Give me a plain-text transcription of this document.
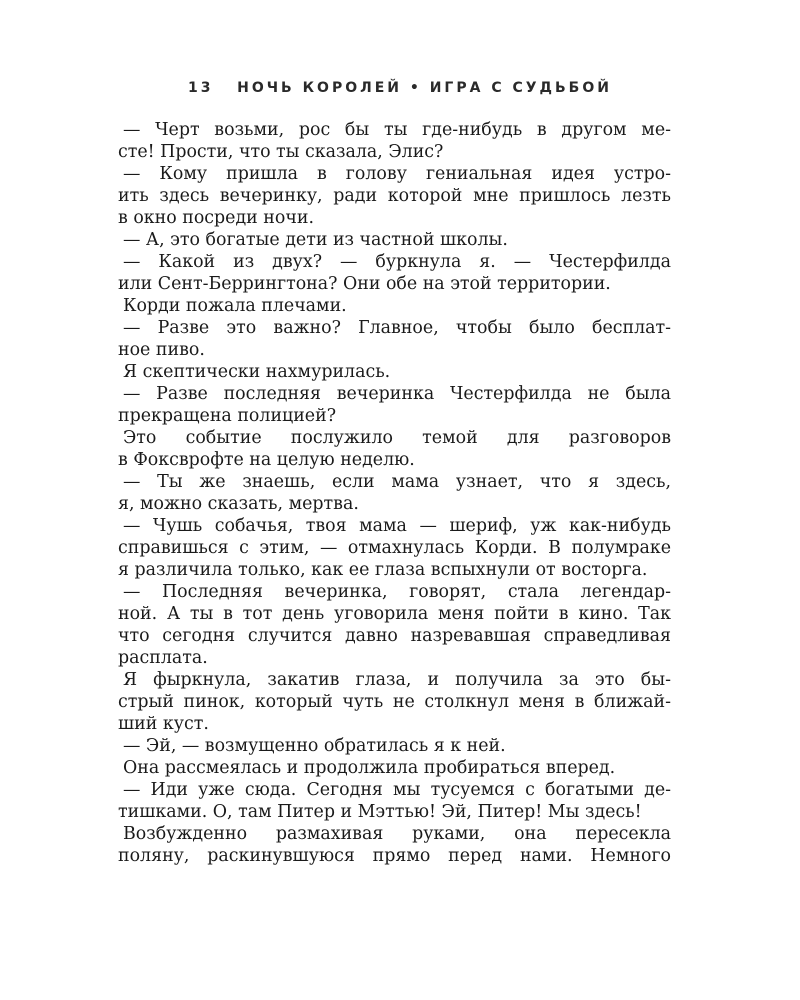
13 НОЧЬ КОРОЛЕЙ • ИГРА С СУДЬБОЙ
— Черт возьми, рос бы ты где-нибудь в другом ме-
сте! Прости, что ты сказала, Элис?
— Кому пришла в голову гениальная идея устро-
ить здесь вечеринку, ради которой мне пришлось лезть
в окно посреди ночи.
— А, это богатые дети из частной школы.
— Какой из двух? — буркнула я. — Честерфилда
или Сент-Беррингтона? Они обе на этой территории.
Корди пожала плечами.
— Разве это важно? Главное, чтобы было бесплат-
ное пиво.
Я скептически нахмурилась.
— Разве последняя вечеринка Честерфилда не была
прекращена полицией?
Это событие послужило темой для разговоров
в Фоксврофте на целую неделю.
— Ты же знаешь, если мама узнает, что я здесь,
я, можно сказать, мертва.
— Чушь собачья, твоя мама — шериф, уж как-нибудь
справишься с этим, — отмахнулась Корди. В полумраке
я различила только, как ее глаза вспыхнули от восторга.
— Последняя вечеринка, говорят, стала легендар-
ной. А ты в тот день уговорила меня пойти в кино. Так
что сегодня случится давно назревавшая справедливая
расплата.
Я фыркнула, закатив глаза, и получила за это бы-
стрый пинок, который чуть не столкнул меня в ближай-
ший куст.
— Эй, — возмущенно обратилась я к ней.
Она рассмеялась и продолжила пробираться вперед.
— Иди уже сюда. Сегодня мы тусуемся с богатыми де-
тишками. О, там Питер и Мэттью! Эй, Питер! Мы здесь!
Возбужденно размахивая руками, она пересекла
поляну, раскинувшуюся прямо перед нами. Немного
